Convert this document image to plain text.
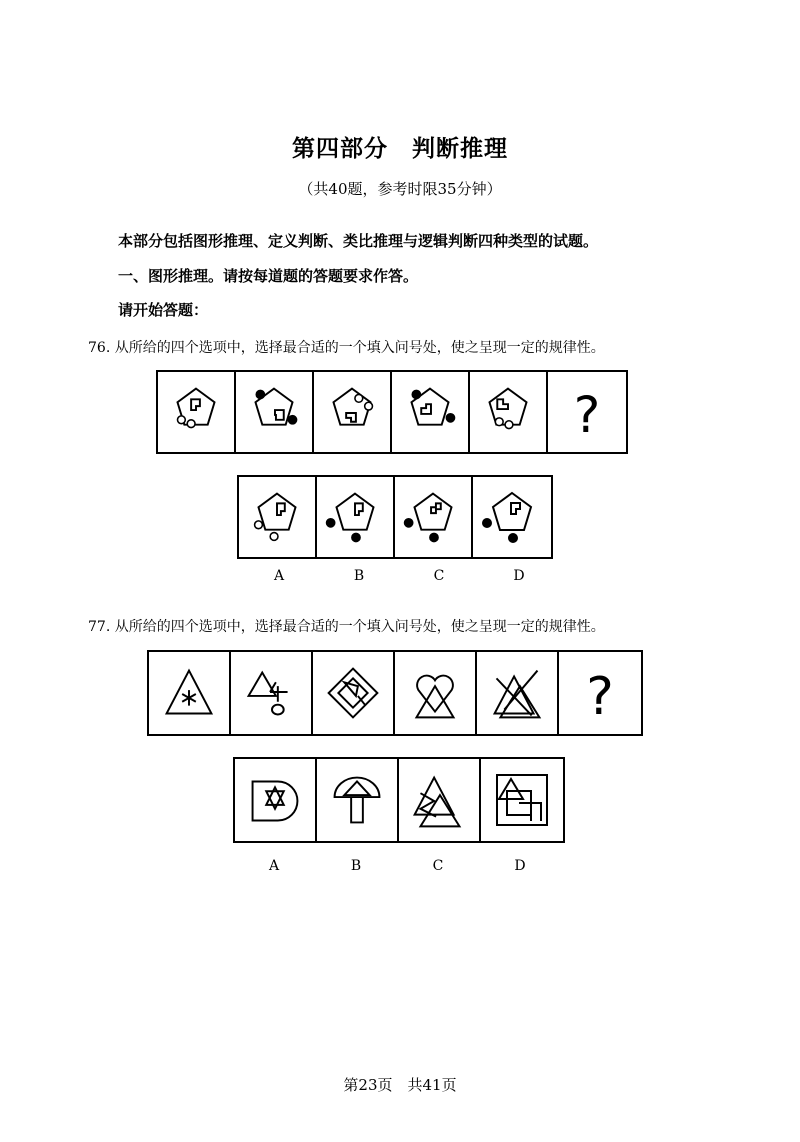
第四部分　判断推理
（共40题，参考时限35分钟）
本部分包括图形推理、定义判断、类比推理与逻辑判断四种类型的试题。
一、图形推理。请按每道题的答题要求作答。
请开始答题：
76. 从所给的四个选项中，选择最合适的一个填入问号处，使之呈现一定的规律性。
?
A	B	C	D
77. 从所给的四个选项中，选择最合适的一个填入问号处，使之呈现一定的规律性。
?
A	B	C	D
第23页　共41页
